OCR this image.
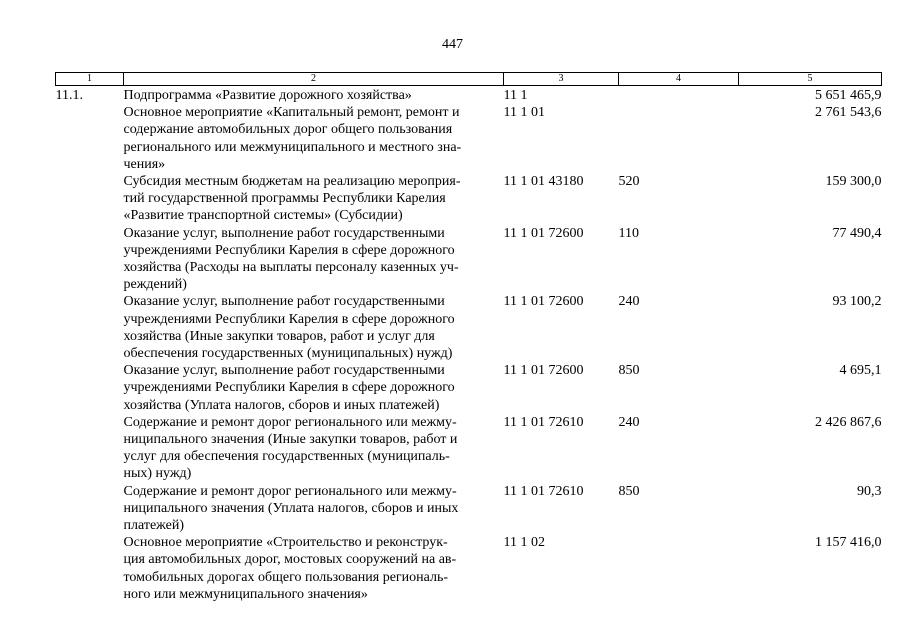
447
1	2	3	4	5
11.1.	Подпрограмма «Развитие дорожного хозяйства»	11 1		5 651 465,9

	Основное мероприятие «Капитальный ремонт, ремонт и
содержание автомобильных дорог общего пользования
регионального или межмуниципального и местного зна-
чения»	11 1 01		2 761 543,6

	Субсидия местным бюджетам на реализацию мероприя-
тий государственной программы Республики Карелия
«Развитие транспортной системы» (Субсидии)	11 1 01 43180	520	159 300,0

	Оказание услуг, выполнение работ государственными
учреждениями Республики Карелия в сфере дорожного
хозяйства (Расходы на выплаты персоналу казенных уч-
реждений)	11 1 01 72600	110	77 490,4

	Оказание услуг, выполнение работ государственными
учреждениями Республики Карелия в сфере дорожного
хозяйства (Иные закупки товаров, работ и услуг для
обеспечения государственных (муниципальных) нужд)	11 1 01 72600	240	93 100,2

	Оказание услуг, выполнение работ государственными
учреждениями Республики Карелия в сфере дорожного
хозяйства (Уплата налогов, сборов и иных платежей)	11 1 01 72600	850	4 695,1

	Содержание и ремонт дорог регионального или межму-
ниципального значения (Иные закупки товаров, работ и
услуг для обеспечения государственных (муниципаль-
ных) нужд)	11 1 01 72610	240	2 426 867,6

	Содержание и ремонт дорог регионального или межму-
ниципального значения (Уплата налогов, сборов и иных
платежей)	11 1 01 72610	850	90,3

	Основное мероприятие «Строительство и реконструк-
ция автомобильных дорог, мостовых сооружений на ав-
томобильных дорогах общего пользования региональ-
ного или межмуниципального значения»	11 1 02		1 157 416,0
